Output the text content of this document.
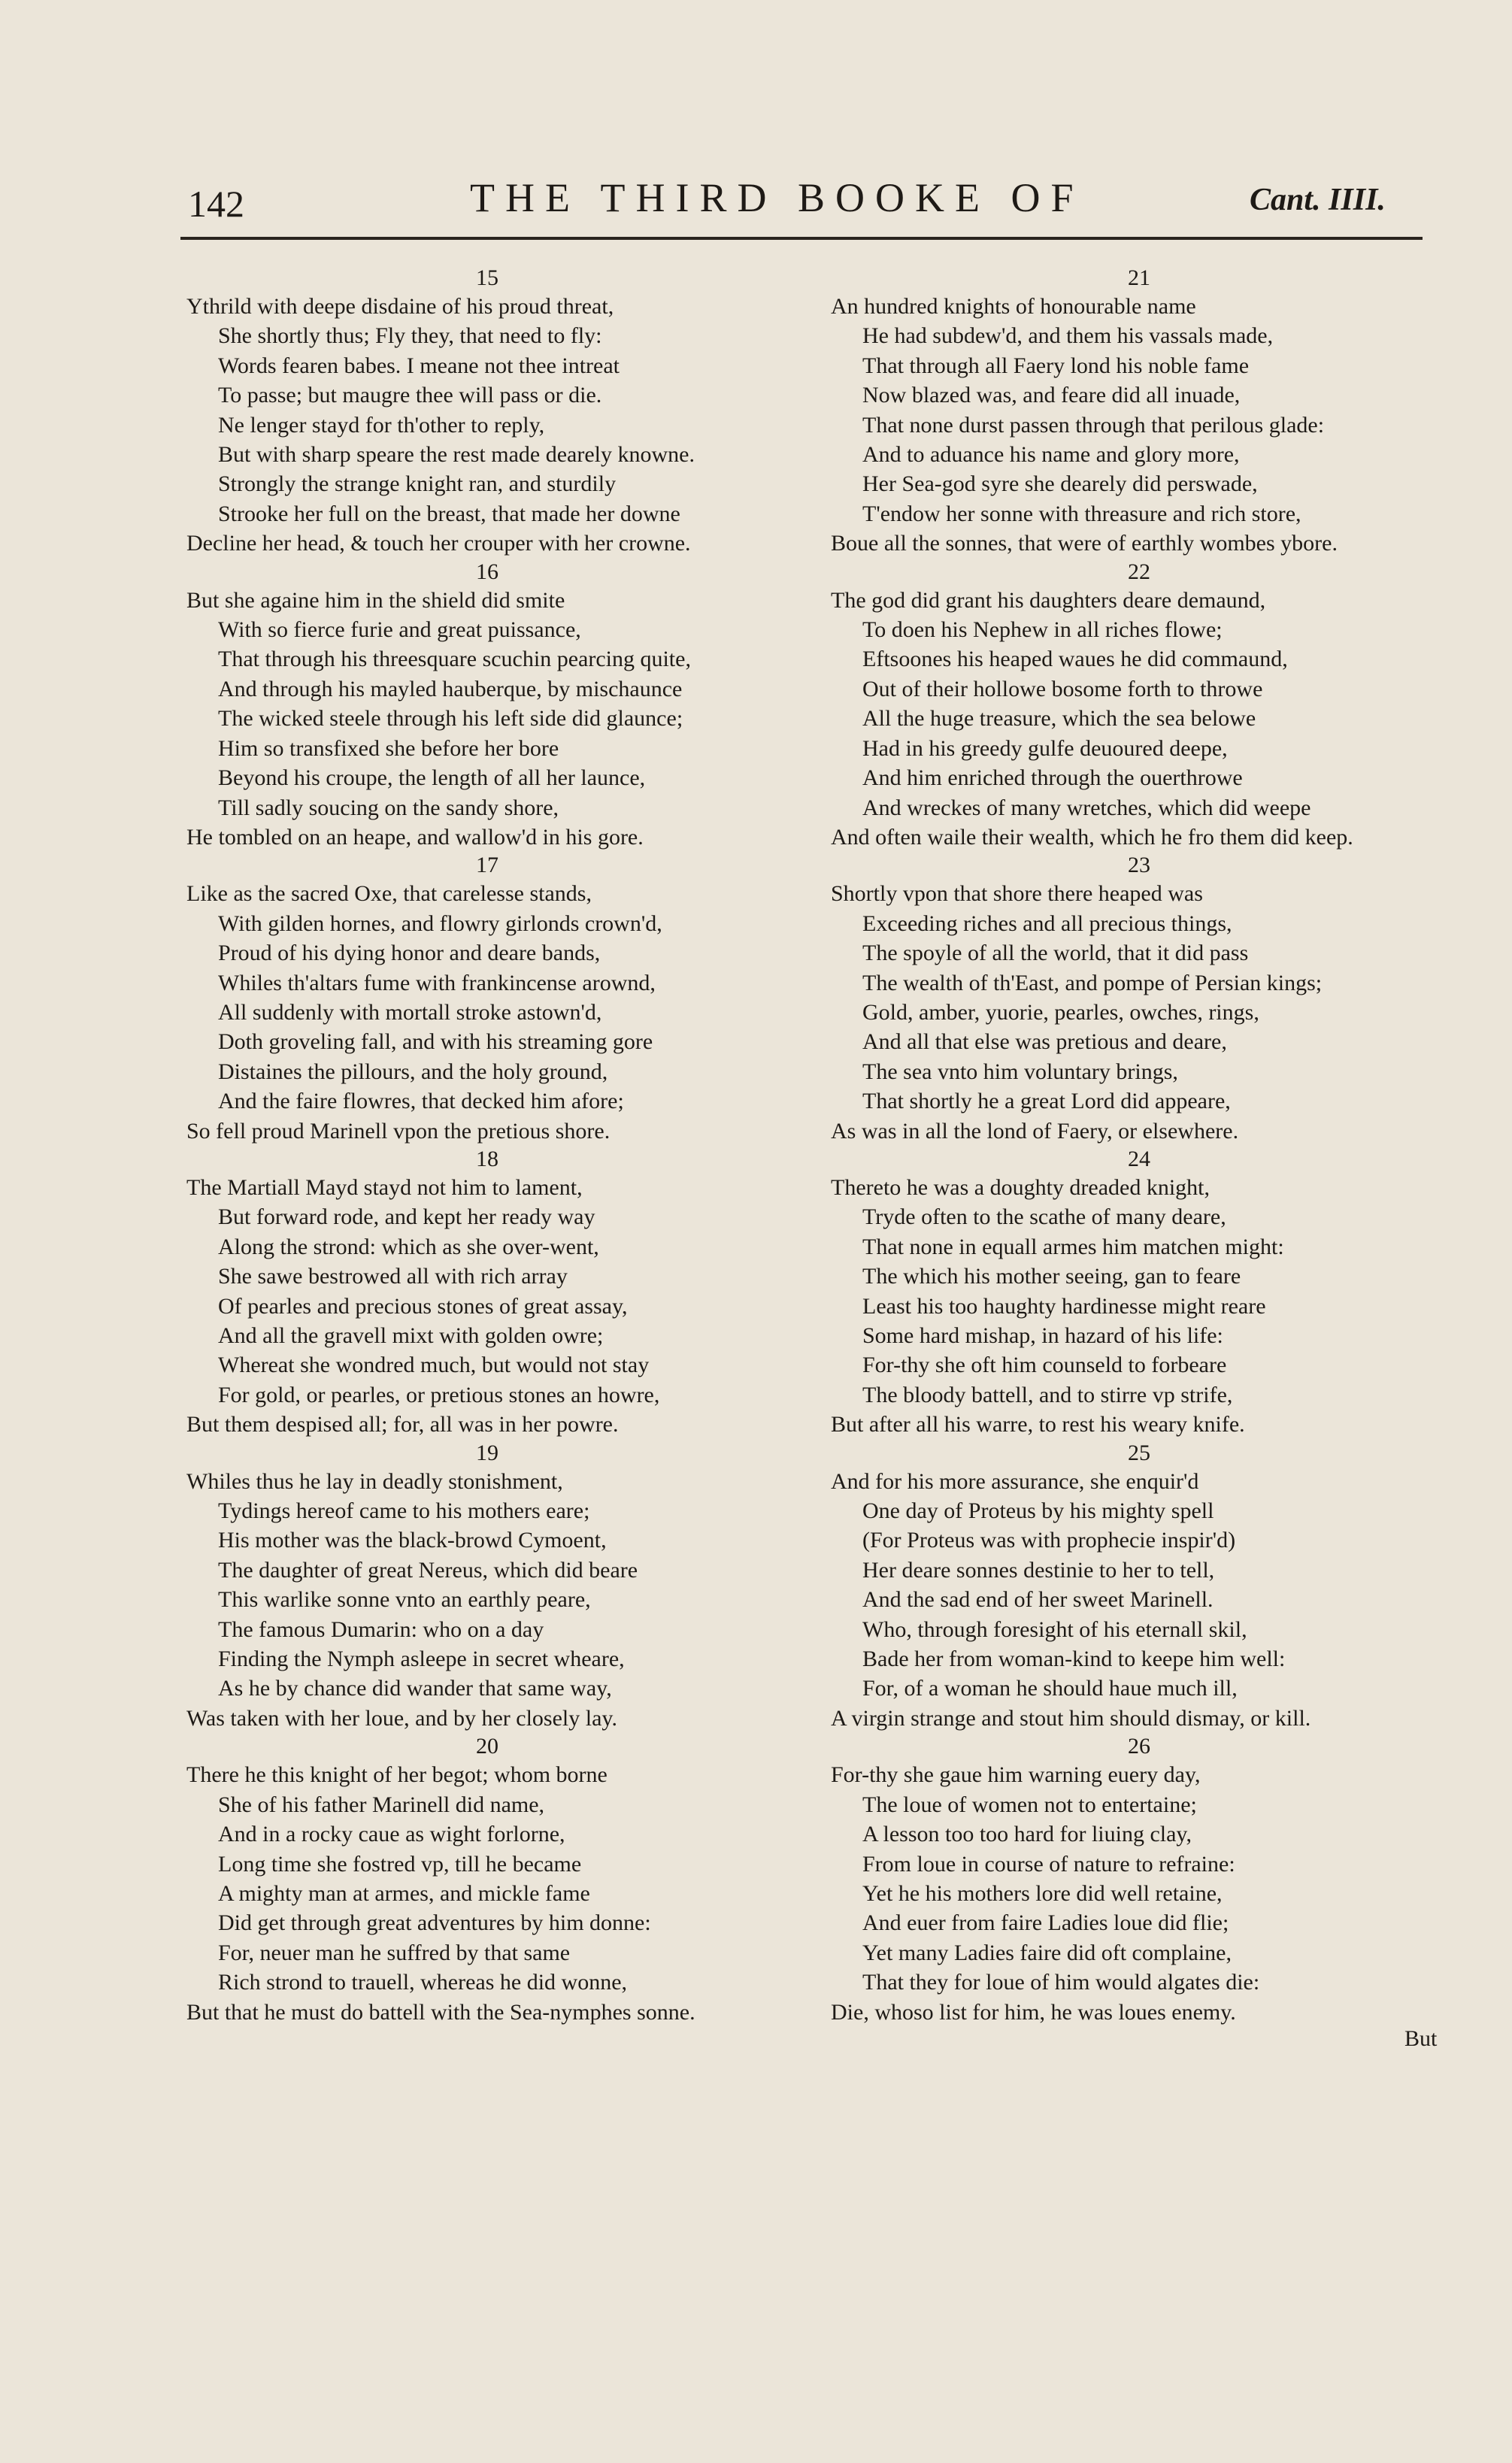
142	THE THIRD BOOKE OF	Cant. IIII.
15
Ythrild with deepe disdaine of his proud threat,
She shortly thus; Fly they, that need to fly:
Words fearen babes. I meane not thee intreat
To passe; but maugre thee will pass or die.
Ne lenger stayd for th'other to reply,
But with sharp speare the rest made dearely knowne.
Strongly the strange knight ran, and sturdily
Strooke her full on the breast, that made her downe
Decline her head, & touch her crouper with her crowne.
16
But she againe him in the shield did smite
With so fierce furie and great puissance,
That through his threesquare scuchin pearcing quite,
And through his mayled hauberque, by mischaunce
The wicked steele through his left side did glaunce;
Him so transfixed she before her bore
Beyond his croupe, the length of all her launce,
Till sadly soucing on the sandy shore,
He tombled on an heape, and wallow'd in his gore.
17
Like as the sacred Oxe, that carelesse stands,
With gilden hornes, and flowry girlonds crown'd,
Proud of his dying honor and deare bands,
Whiles th'altars fume with frankincense arownd,
All suddenly with mortall stroke astown'd,
Doth groveling fall, and with his streaming gore
Distaines the pillours, and the holy ground,
And the faire flowres, that decked him afore;
So fell proud Marinell vpon the pretious shore.
18
The Martiall Mayd stayd not him to lament,
But forward rode, and kept her ready way
Along the strond: which as she over-went,
She sawe bestrowed all with rich array
Of pearles and precious stones of great assay,
And all the gravell mixt with golden owre;
Whereat she wondred much, but would not stay
For gold, or pearles, or pretious stones an howre,
But them despised all; for, all was in her powre.
19
Whiles thus he lay in deadly stonishment,
Tydings hereof came to his mothers eare;
His mother was the black-browd Cymoent,
The daughter of great Nereus, which did beare
This warlike sonne vnto an earthly peare,
The famous Dumarin: who on a day
Finding the Nymph asleepe in secret wheare,
As he by chance did wander that same way,
Was taken with her loue, and by her closely lay.
20
There he this knight of her begot; whom borne
She of his father Marinell did name,
And in a rocky caue as wight forlorne,
Long time she fostred vp, till he became
A mighty man at armes, and mickle fame
Did get through great adventures by him donne:
For, neuer man he suffred by that same
Rich strond to trauell, whereas he did wonne,
But that he must do battell with the Sea-nymphes sonne.
21
An hundred knights of honourable name
He had subdew'd, and them his vassals made,
That through all Faery lond his noble fame
Now blazed was, and feare did all inuade,
That none durst passen through that perilous glade:
And to aduance his name and glory more,
Her Sea-god syre she dearely did perswade,
T'endow her sonne with threasure and rich store,
Boue all the sonnes, that were of earthly wombes ybore.
22
The god did grant his daughters deare demaund,
To doen his Nephew in all riches flowe;
Eftsoones his heaped waues he did commaund,
Out of their hollowe bosome forth to throwe
All the huge treasure, which the sea belowe
Had in his greedy gulfe deuoured deepe,
And him enriched through the ouerthrowe
And wreckes of many wretches, which did weepe
And often waile their wealth, which he fro them did keep.
23
Shortly vpon that shore there heaped was
Exceeding riches and all precious things,
The spoyle of all the world, that it did pass
The wealth of th'East, and pompe of Persian kings;
Gold, amber, yuorie, pearles, owches, rings,
And all that else was pretious and deare,
The sea vnto him voluntary brings,
That shortly he a great Lord did appeare,
As was in all the lond of Faery, or elsewhere.
24
Thereto he was a doughty dreaded knight,
Tryde often to the scathe of many deare,
That none in equall armes him matchen might:
The which his mother seeing, gan to feare
Least his too haughty hardinesse might reare
Some hard mishap, in hazard of his life:
For-thy she oft him counseld to forbeare
The bloody battell, and to stirre vp strife,
But after all his warre, to rest his weary knife.
25
And for his more assurance, she enquir'd
One day of Proteus by his mighty spell
(For Proteus was with prophecie inspir'd)
Her deare sonnes destinie to her to tell,
And the sad end of her sweet Marinell.
Who, through foresight of his eternall skil,
Bade her from woman-kind to keepe him well:
For, of a woman he should haue much ill,
A virgin strange and stout him should dismay, or kill.
26
For-thy she gaue him warning euery day,
The loue of women not to entertaine;
A lesson too too hard for liuing clay,
From loue in course of nature to refraine:
Yet he his mothers lore did well retaine,
And euer from faire Ladies loue did flie;
Yet many Ladies faire did oft complaine,
That they for loue of him would algates die:
Die, whoso list for him, he was loues enemy.
But
